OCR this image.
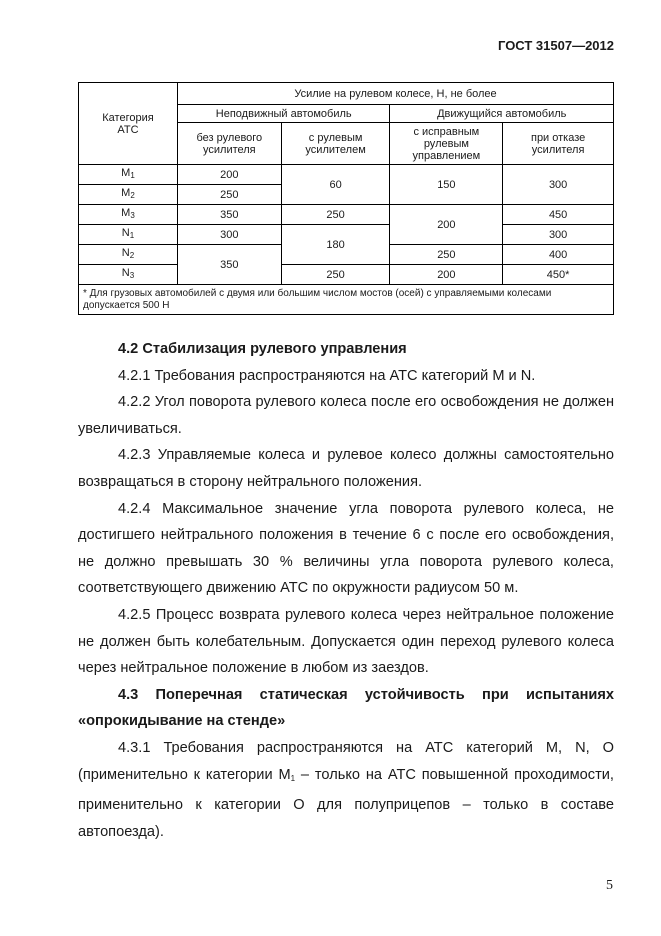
ГОСТ 31507—2012
Категория АТС	Усилие на рулевом колесе, Н, не более			
	Неподвижный автомобиль		Движущийся автомобиль	
	без рулевого усилителя	с рулевым усилителем	с исправным рулевым управлением	при отказе усилителя
$M_1$	200	60	150	300
$M_2$	250			
$M_3$	350	250	200	450
$N_1$	300	180		300
$N_2$	350		250	400
$N_3$		250	200	450*
* Для грузовых автомобилей с двумя или большим числом мостов (осей) с управляемыми колесами допускается 500 Н				

4.2 Стабилизация рулевого управления

4.2.1 Требования распространяются на АТС категорий М и N.

4.2.2 Угол поворота рулевого колеса после его освобождения не должен увеличиваться.

4.2.3 Управляемые колеса и рулевое колесо должны самостоятельно возвращаться в сторону нейтрального положения.

4.2.4 Максимальное значение угла поворота рулевого колеса, не достигшего нейтрального положения в течение 6 с после его освобождения, не должно превышать 30 % величины угла поворота рулевого колеса, соответствующего движению АТС по окружности радиусом 50 м.

4.2.5 Процесс возврата рулевого колеса через нейтральное положение не должен быть колебательным. Допускается один переход рулевого колеса через нейтральное положение в любом из заездов.

4.3 Поперечная статическая устойчивость при испытаниях «опрокидывание на стенде»

4.3.1 Требования распространяются на АТС категорий М, N, О (применительно к категории $М_1$ – только на АТС повышенной проходимости, применительно к категории О для полуприцепов – только в составе автопоезда).

5
